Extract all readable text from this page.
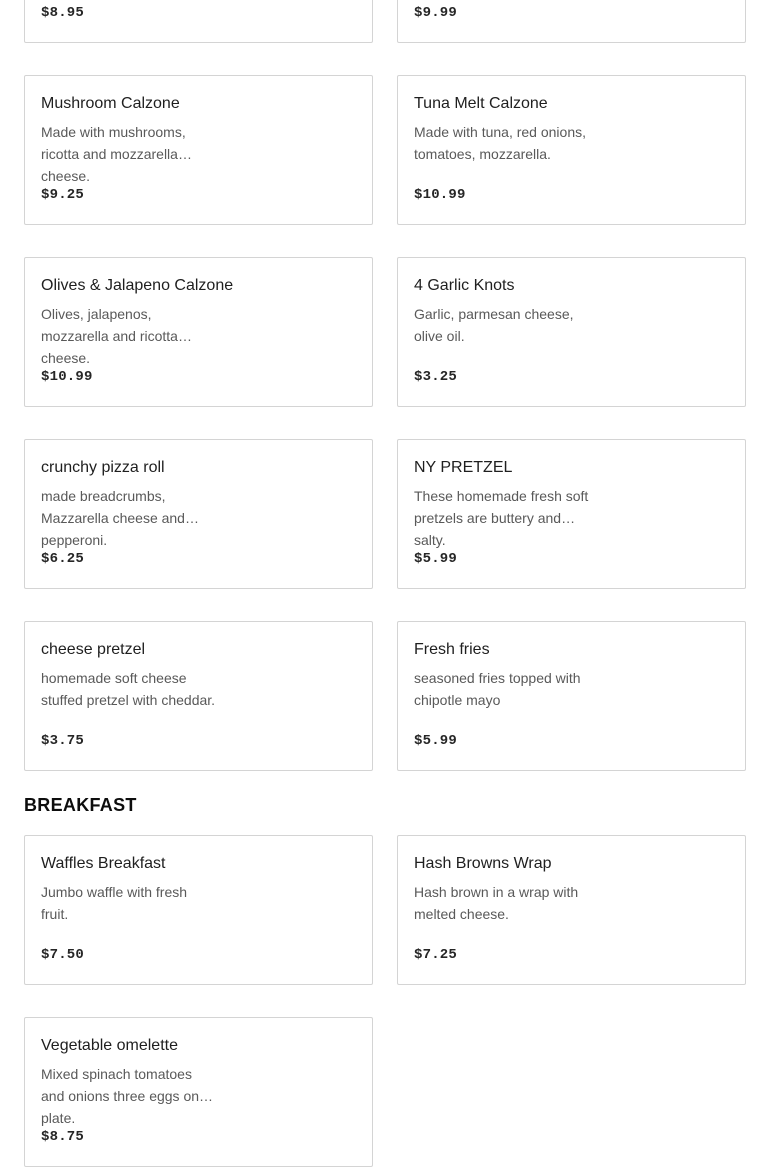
$8.95	$9.99
Mushroom Calzone
Made with mushrooms, ricotta and mozzarella cheese.
$9.25
Tuna Melt Calzone
Made with tuna, red onions, tomatoes, mozzarella.
$10.99
Olives & Jalapeno Calzone
Olives, jalapenos, mozzarella and ricotta cheese.
$10.99
4 Garlic Knots
Garlic, parmesan cheese, olive oil.
$3.25
crunchy pizza roll
made breadcrumbs, Mazzarella cheese and pepperoni.
$6.25
NY PRETZEL
These homemade fresh soft pretzels are buttery and salty.
$5.99
cheese pretzel
homemade soft cheese stuffed pretzel with cheddar.
$3.75
Fresh fries
seasoned fries topped with chipotle mayo
$5.99
BREAKFAST
Waffles Breakfast
Jumbo waffle with fresh fruit.
$7.50
Hash Browns Wrap
Hash brown in a wrap with melted cheese.
$7.25
Vegetable omelette
Mixed spinach tomatoes and onions three eggs on a plate.
$8.75
